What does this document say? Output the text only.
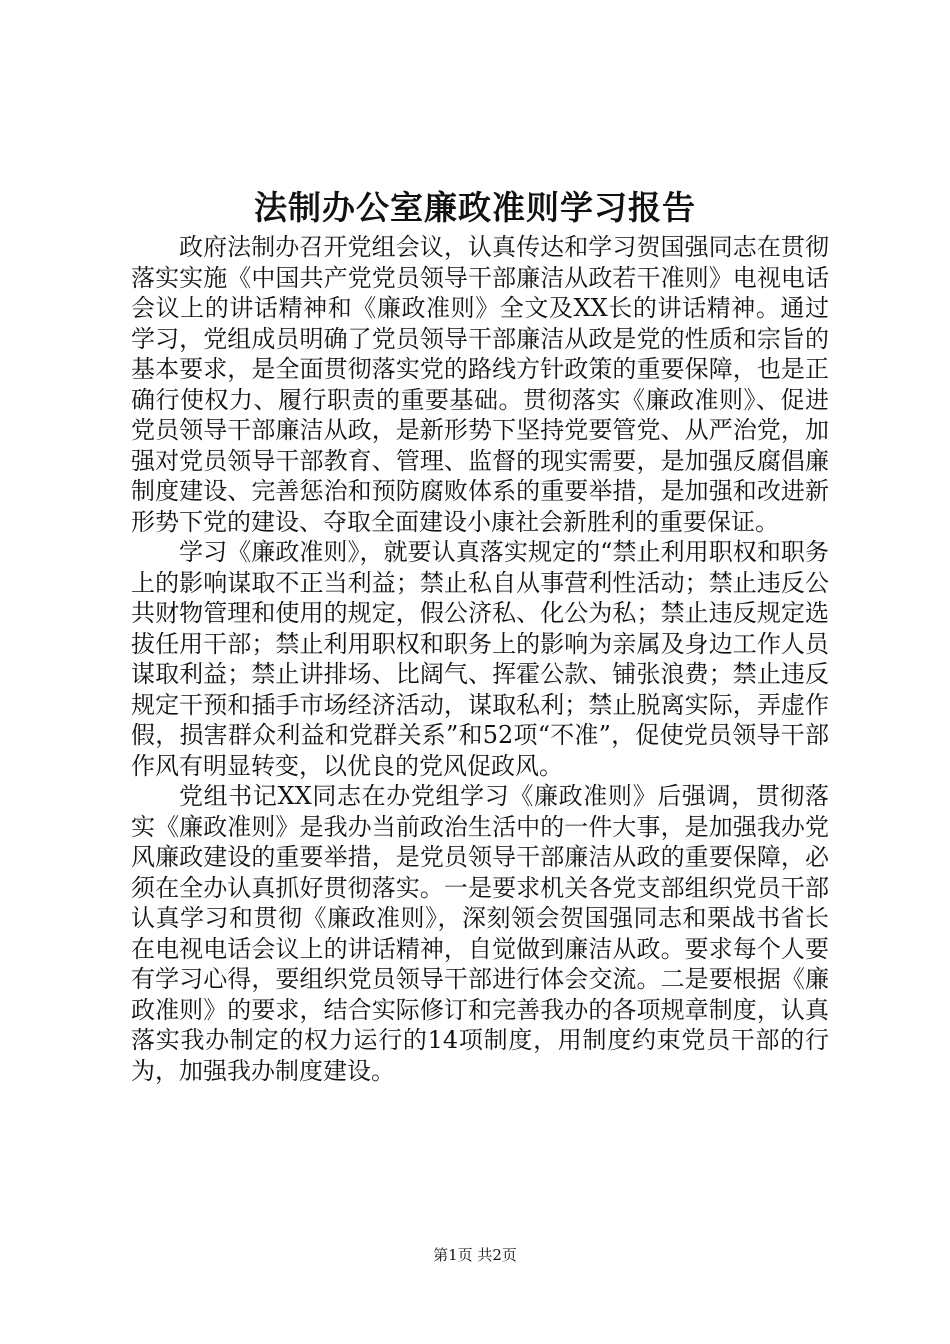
法制办公室廉政准则学习报告

政府法制办召开党组会议，认真传达和学习贺国强同志在贯彻落实实施《中国共产党党员领导干部廉洁从政若干准则》电视电话会议上的讲话精神和《廉政准则》全文及XX长的讲话精神。通过学习，党组成员明确了党员领导干部廉洁从政是党的性质和宗旨的基本要求，是全面贯彻落实党的路线方针政策的重要保障，也是正确行使权力、履行职责的重要基础。贯彻落实《廉政准则》、促进党员领导干部廉洁从政，是新形势下坚持党要管党、从严治党，加强对党员领导干部教育、管理、监督的现实需要，是加强反腐倡廉制度建设、完善惩治和预防腐败体系的重要举措，是加强和改进新形势下党的建设、夺取全面建设小康社会新胜利的重要保证。

学习《廉政准则》，就要认真落实规定的“禁止利用职权和职务上的影响谋取不正当利益；禁止私自从事营利性活动；禁止违反公共财物管理和使用的规定，假公济私、化公为私；禁止违反规定选拔任用干部；禁止利用职权和职务上的影响为亲属及身边工作人员谋取利益；禁止讲排场、比阔气、挥霍公款、铺张浪费；禁止违反规定干预和插手市场经济活动，谋取私利；禁止脱离实际，弄虚作假，损害群众利益和党群关系”和52项“不准”，促使党员领导干部作风有明显转变，以优良的党风促政风。

党组书记XX同志在办党组学习《廉政准则》后强调，贯彻落实《廉政准则》是我办当前政治生活中的一件大事，是加强我办党风廉政建设的重要举措，是党员领导干部廉洁从政的重要保障，必须在全办认真抓好贯彻落实。一是要求机关各党支部组织党员干部认真学习和贯彻《廉政准则》，深刻领会贺国强同志和栗战书省长在电视电话会议上的讲话精神，自觉做到廉洁从政。要求每个人要有学习心得，要组织党员领导干部进行体会交流。二是要根据《廉政准则》的要求，结合实际修订和完善我办的各项规章制度，认真落实我办制定的权力运行的14项制度，用制度约束党员干部的行为，加强我办制度建设。

第1页 共2页
